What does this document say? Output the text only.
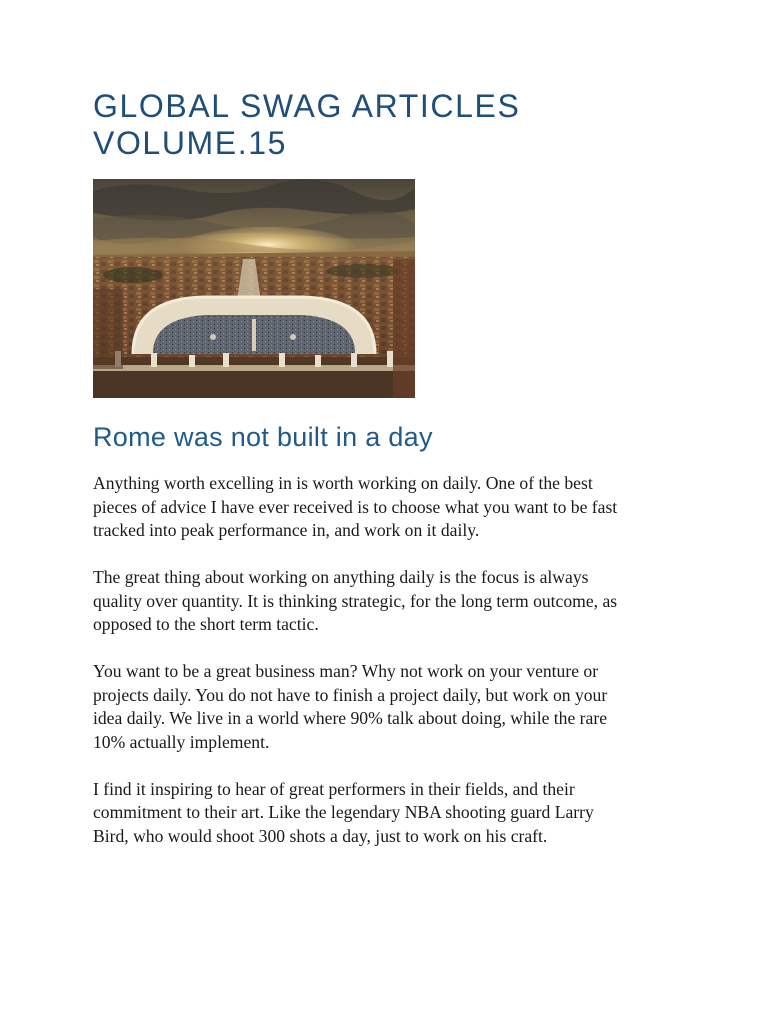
GLOBAL SWAG ARTICLES
VOLUME.15
Rome was not built in a day

Anything worth excelling in is worth working on daily. One of the best
pieces of advice I have ever received is to choose what you want to be fast
tracked into peak performance in, and work on it daily.

The great thing about working on anything daily is the focus is always
quality over quantity. It is thinking strategic, for the long term outcome, as
opposed to the short term tactic.

You want to be a great business man? Why not work on your venture or
projects daily. You do not have to finish a project daily, but work on your
idea daily. We live in a world where 90% talk about doing, while the rare
10% actually implement.

I find it inspiring to hear of great performers in their fields, and their
commitment to their art. Like the legendary NBA shooting guard Larry
Bird, who would shoot 300 shots a day, just to work on his craft.
